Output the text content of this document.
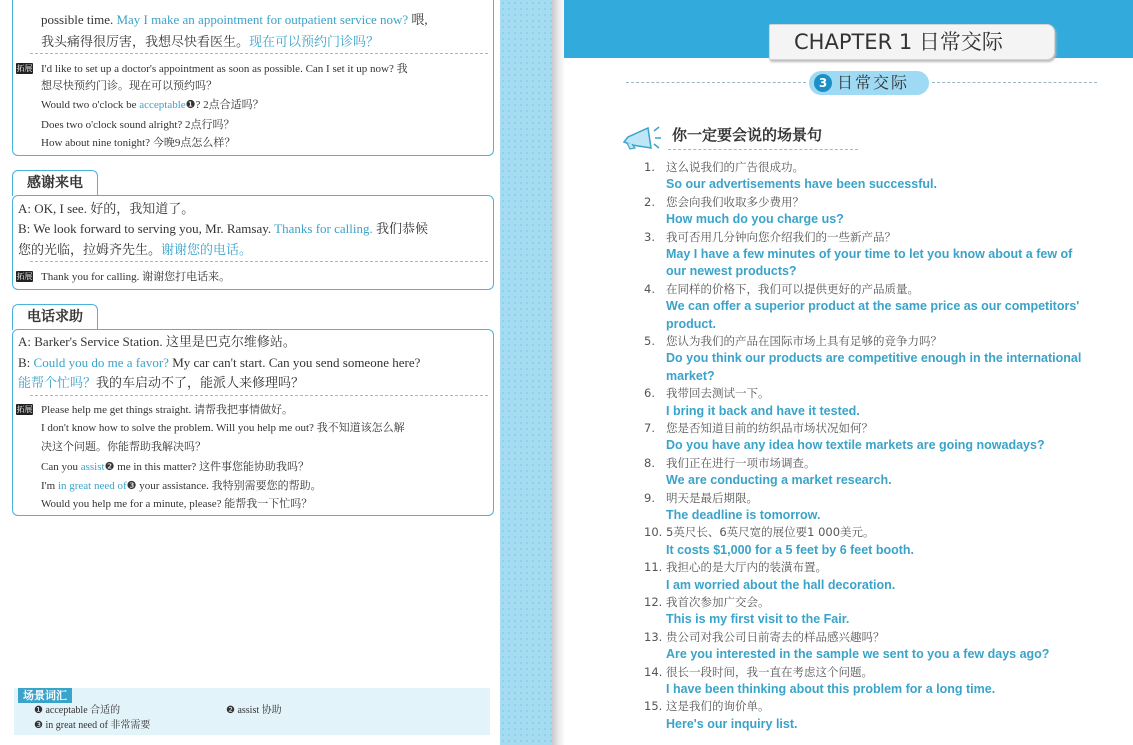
possible time. May I make an appointment for outpatient service now? 喂,
我头痛得很厉害，我想尽快看医生。现在可以预约门诊吗？
拓展 I'd like to set up a doctor's appointment as soon as possible. Can I set it up now? 我
想尽快预约门诊。现在可以预约吗？
Would two o'clock be acceptable❶? 2点合适吗？
Does two o'clock sound alright? 2点行吗？
How about nine tonight? 今晚9点怎么样？
感谢来电
A: OK, I see. 好的，我知道了。
B: We look forward to serving you, Mr. Ramsay. Thanks for calling. 我们恭候
您的光临，拉姆齐先生。谢谢您的电话。
拓展 Thank you for calling. 谢谢您打电话来。
电话求助
A: Barker's Service Station. 这里是巴克尔维修站。
B: Could you do me a favor? My car can't start. Can you send someone here?
能帮个忙吗？我的车启动不了，能派人来修理吗？
拓展 Please help me get things straight. 请帮我把事情做好。
I don't know how to solve the problem. Will you help me out? 我不知道该怎么解
决这个问题。你能帮助我解决吗？
Can you assist❷ me in this matter? 这件事您能协助我吗？
I'm in great need of❸ your assistance. 我特别需要您的帮助。
Would you help me for a minute, please? 能帮我一下忙吗？
场景词汇
❶ acceptable 合适的	❷ assist 协助
❸ in great need of 非常需要
CHAPTER 1 日常交际
3 日常交际
你一定要会说的场景句
1. 这么说我们的广告很成功。
So our advertisements have been successful.
2. 您会向我们收取多少费用？
How much do you charge us?
3. 我可否用几分钟向您介绍我们的一些新产品？
May I have a few minutes of your time to let you know about a few of
our newest products?
4. 在同样的价格下，我们可以提供更好的产品质量。
We can offer a superior product at the same price as our competitors'
product.
5. 您认为我们的产品在国际市场上具有足够的竞争力吗？
Do you think our products are competitive enough in the international
market?
6. 我带回去测试一下。
I bring it back and have it tested.
7. 您是否知道目前的纺织品市场状况如何？
Do you have any idea how textile markets are going nowadays?
8. 我们正在进行一项市场调查。
We are conducting a market research.
9. 明天是最后期限。
The deadline is tomorrow.
10. 5英尺长、6英尺宽的展位要1 000美元。
It costs $1,000 for a 5 feet by 6 feet booth.
11. 我担心的是大厅内的装潢布置。
I am worried about the hall decoration.
12. 我首次参加广交会。
This is my first visit to the Fair.
13. 贵公司对我公司日前寄去的样品感兴趣吗？
Are you interested in the sample we sent to you a few days ago?
14. 很长一段时间，我一直在考虑这个问题。
I have been thinking about this problem for a long time.
15. 这是我们的询价单。
Here's our inquiry list.
